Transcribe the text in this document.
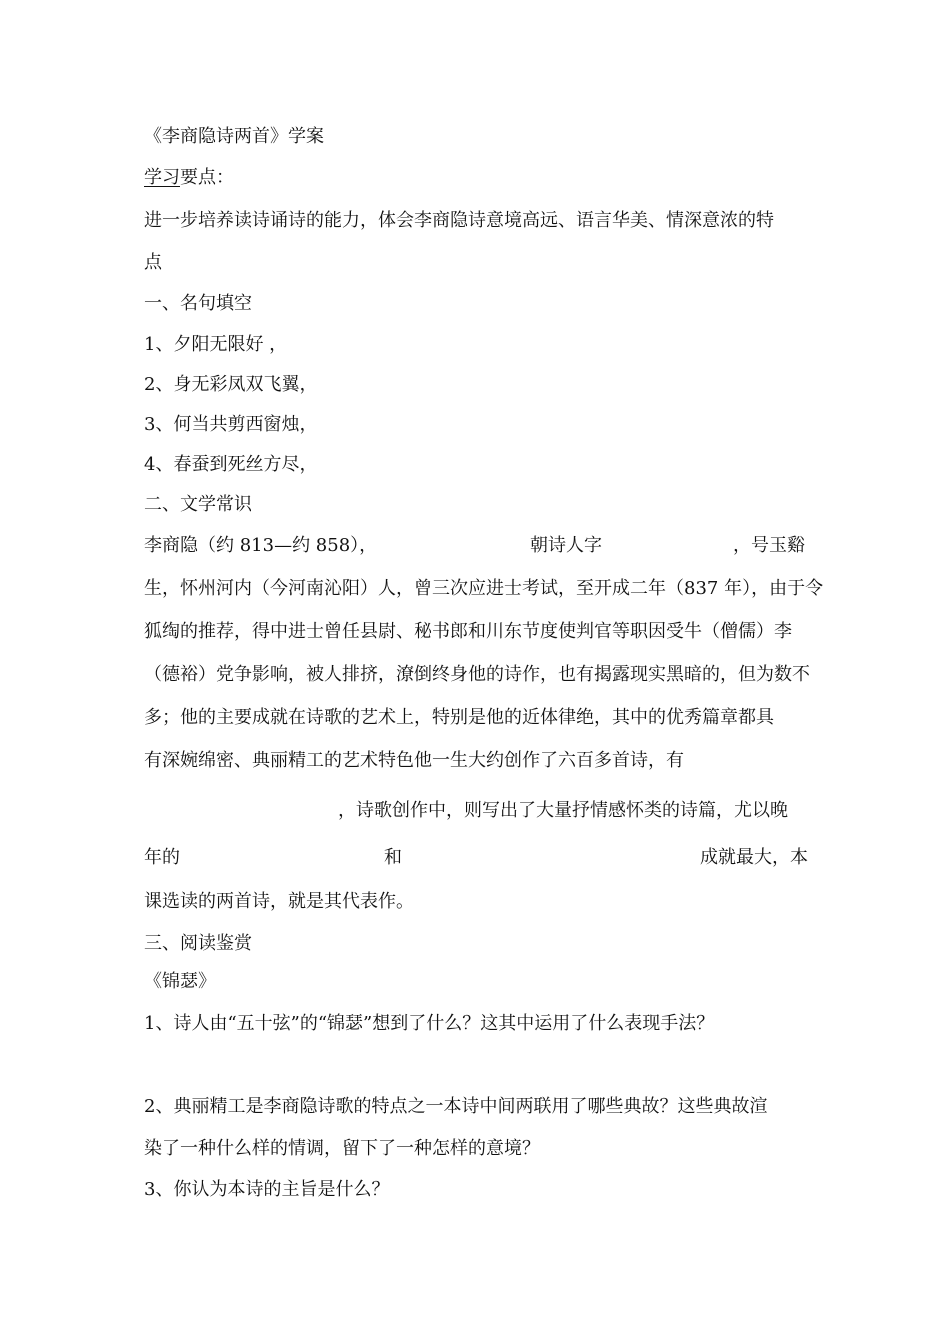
《李商隐诗两首》学案
学习要点：
进一步培养读诗诵诗的能力，体会李商隐诗意境高远、语言华美、情深意浓的特
点
一、名句填空
1、夕阳无限好 ，
2、身无彩凤双飞翼，
3、何当共剪西窗烛，
4、春蚕到死丝方尽，
二、文学常识
李商隐（约 813—约 858），	朝诗人字	，号玉谿
生，怀州河内（今河南沁阳）人，曾三次应进士考试，至开成二年（837 年），由于令
狐绹的推荐，得中进士曾任县尉、秘书郎和川东节度使判官等职因受牛（僧儒）李
（德裕）党争影响，被人排挤，潦倒终身他的诗作，也有揭露现实黑暗的，但为数不
多；他的主要成就在诗歌的艺术上，特别是他的近体律绝，其中的优秀篇章都具
有深婉绵密、典丽精工的艺术特色他一生大约创作了六百多首诗，有
，诗歌创作中，则写出了大量抒情感怀类的诗篇，尤以晚
年的	和	成就最大，本
课选读的两首诗，就是其代表作。
三、阅读鉴赏
《锦瑟》
1、诗人由“五十弦”的“锦瑟”想到了什么？这其中运用了什么表现手法？
2、典丽精工是李商隐诗歌的特点之一本诗中间两联用了哪些典故？这些典故渲
染了一种什么样的情调，留下了一种怎样的意境？
3、你认为本诗的主旨是什么？
